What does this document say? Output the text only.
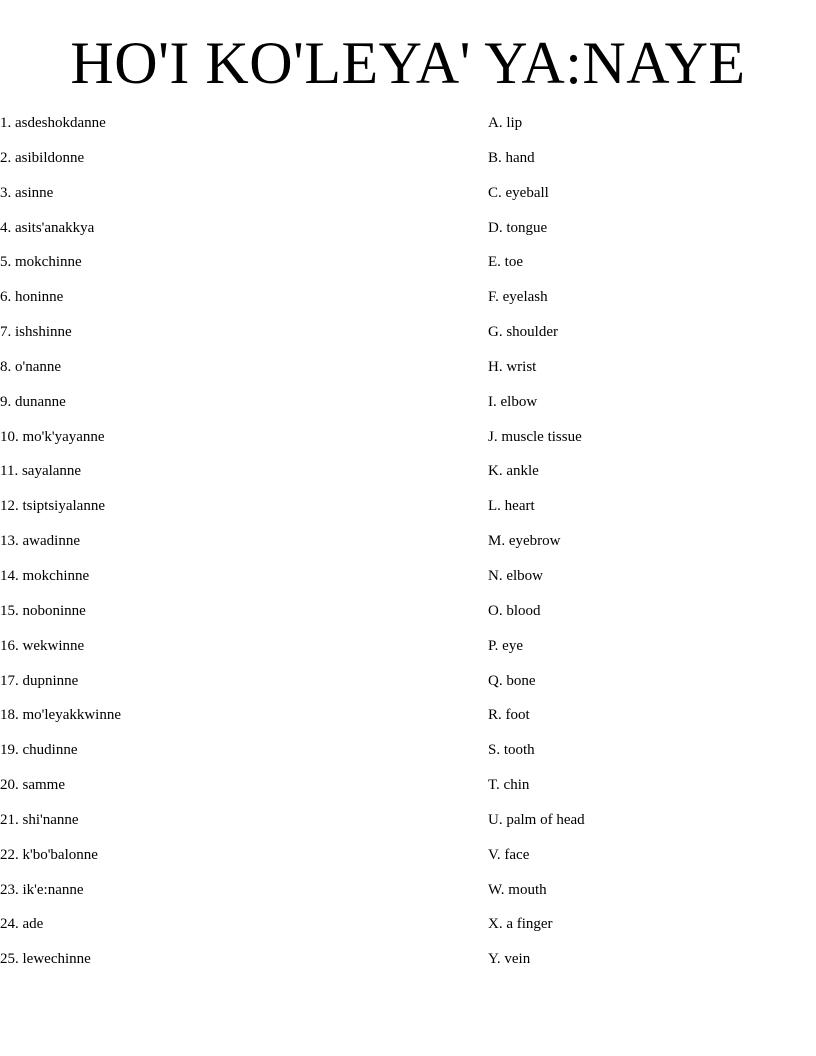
HO'I KO'LEYA' YA:NAYE
1. asdeshokdanne
2. asibildonne
3. asinne
4. asits'anakkya
5. mokchinne
6. honinne
7. ishshinne
8. o'nanne
9. dunanne
10. mo'k'yayanne
11. sayalanne
12. tsiptsiyalanne
13. awadinne
14. mokchinne
15. noboninne
16. wekwinne
17. dupninne
18. mo'leyakkwinne
19. chudinne
20. samme
21. shi'nanne
22. k'bo'balonne
23. ik'e:nanne
24. ade
25. lewechinne
A. lip
B. hand
C. eyeball
D. tongue
E. toe
F. eyelash
G. shoulder
H. wrist
I. elbow
J. muscle tissue
K. ankle
L. heart
M. eyebrow
N. elbow
O. blood
P. eye
Q. bone
R. foot
S. tooth
T. chin
U. palm of head
V. face
W. mouth
X. a finger
Y. vein
